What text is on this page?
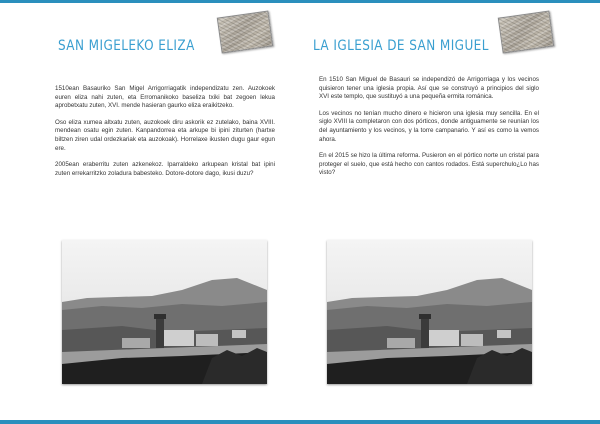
SAN MIGELEKO ELIZA

1510ean Basauriko San Migel Arrigorriagatik independizatu zen. Auzokoek euren eliza nahi zuten, eta Erromanikoko baseliza txiki bat zegoen lekua aprobetxatu zuten, XVI. mende hasieran gaurko eliza eraikitzeko.

Oso eliza xumea altxatu zuten, auzokoek diru askorik ez zutelako, baina XVIII. mendean osatu egin zuten. Kanpandorrea eta arkupe bi ipini ziturten (hartxe biltzen ziren udal ordezkariak eta auzokoak). Horrelaxe ikusten dugu gaur egun ere.

2005ean eraberritu zuten azkenekoz. Iparraldeko arkupean kristal bat ipini zuten errekarritzko zoladura babesteko. Dotore-dotore dago, ikusi duzu?

LA IGLESIA DE SAN MIGUEL

En 1510 San Miguel de Basauri se independizó de Arrigorriaga y los vecinos quisieron tener una iglesia propia. Así que se construyó a principios del siglo XVI este templo, que sustituyó a una pequeña ermita románica.

Los vecinos no tenían mucho dinero e hicieron una iglesia muy sencilla. En el siglo XVIII la completaron con dos pórticos, donde antiguamente se reunían los del ayuntamiento y los vecinos, y la torre campanario. Y así es como la vemos ahora.

En el 2015 se hizo la última reforma. Pusieron en el pórtico norte un cristal para proteger el suelo, que está hecho con cantos rodados. Está superchulo¿Lo has visto?
